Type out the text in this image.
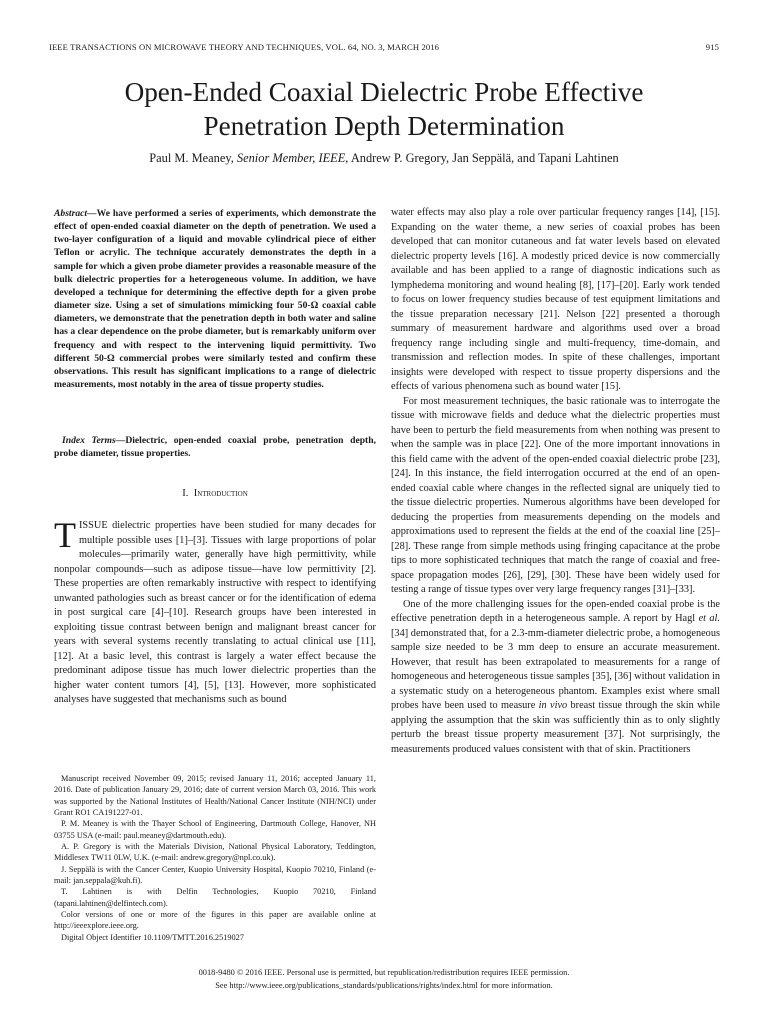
IEEE TRANSACTIONS ON MICROWAVE THEORY AND TECHNIQUES, VOL. 64, NO. 3, MARCH 2016	915
Open-Ended Coaxial Dielectric Probe Effective
Penetration Depth Determination
Paul M. Meaney, Senior Member, IEEE, Andrew P. Gregory, Jan Seppälä, and Tapani Lahtinen
Abstract—We have performed a series of experiments, which demonstrate the effect of open-ended coaxial diameter on the depth of penetration. We used a two-layer configuration of a liquid and movable cylindrical piece of either Teflon or acrylic. The technique accurately demonstrates the depth in a sample for which a given probe diameter provides a reasonable measure of the bulk dielectric properties for a heterogeneous volume. In addition, we have developed a technique for determining the effective depth for a given probe diameter size. Using a set of simulations mimicking four 50-Ω coaxial cable diameters, we demonstrate that the penetration depth in both water and saline has a clear dependence on the probe diameter, but is remarkably uniform over frequency and with respect to the intervening liquid permittivity. Two different 50-Ω commercial probes were similarly tested and confirm these observations. This result has significant implications to a range of dielectric measurements, most notably in the area of tissue property studies.
Index Terms—Dielectric, open-ended coaxial probe, penetration depth, probe diameter, tissue properties.
I. Introduction
TISSUE dielectric properties have been studied for many decades for multiple possible uses [1]–[3]. Tissues with large proportions of polar molecules—primarily water, generally have high permittivity, while nonpolar compounds—such as adipose tissue—have low permittivity [2]. These properties are often remarkably instructive with respect to identifying unwanted pathologies such as breast cancer or for the identification of edema in post surgical care [4]–[10]. Research groups have been interested in exploiting tissue contrast between benign and malignant breast cancer for years with several systems recently translating to actual clinical use [11], [12]. At a basic level, this contrast is largely a water effect because the predominant adipose tissue has much lower dielectric properties than the higher water content tumors [4], [5], [13]. However, more sophisticated analyses have suggested that mechanisms such as bound

Manuscript received November 09, 2015; revised January 11, 2016; accepted January 11, 2016. Date of publication January 29, 2016; date of current version March 03, 2016. This work was supported by the National Institutes of Health/National Cancer Institute (NIH/NCI) under Grant RO1 CA191227-01.

P. M. Meaney is with the Thayer School of Engineering, Dartmouth College, Hanover, NH 03755 USA (e-mail: paul.meaney@dartmouth.edu).

A. P. Gregory is with the Materials Division, National Physical Laboratory, Teddington, Middlesex TW11 0LW, U.K. (e-mail: andrew.gregory@npl.co.uk).

J. Seppälä is with the Cancer Center, Kuopio University Hospital, Kuopio 70210, Finland (e-mail: jan.seppala@kuh.fi).

T. Lahtinen is with Delfin Technologies, Kuopio 70210, Finland (tapani.lahtinen@delfintech.com).

Color versions of one or more of the figures in this paper are available online at http://ieeexplore.ieee.org.

Digital Object Identifier 10.1109/TMTT.2016.2519027

water effects may also play a role over particular frequency ranges [14], [15]. Expanding on the water theme, a new series of coaxial probes has been developed that can monitor cutaneous and fat water levels based on elevated dielectric property levels [16]. A modestly priced device is now commercially available and has been applied to a range of diagnostic indications such as lymphedema monitoring and wound healing [8], [17]–[20]. Early work tended to focus on lower frequency studies because of test equipment limitations and the tissue preparation necessary [21]. Nelson [22] presented a thorough summary of measurement hardware and algorithms used over a broad frequency range including single and multi-frequency, time-domain, and transmission and reflection modes. In spite of these challenges, important insights were developed with respect to tissue property dispersions and the effects of various phenomena such as bound water [15].

For most measurement techniques, the basic rationale was to interrogate the tissue with microwave fields and deduce what the dielectric properties must have been to perturb the field measurements from when nothing was present to when the sample was in place [22]. One of the more important innovations in this field came with the advent of the open-ended coaxial dielectric probe [23], [24]. In this instance, the field interrogation occurred at the end of an open-ended coaxial cable where changes in the reflected signal are uniquely tied to the tissue dielectric properties. Numerous algorithms have been developed for deducing the properties from measurements depending on the models and approximations used to represent the fields at the end of the coaxial line [25]–[28]. These range from simple methods using fringing capacitance at the probe tips to more sophisticated techniques that match the range of coaxial and free-space propagation modes [26], [29], [30]. These have been widely used for testing a range of tissue types over very large frequency ranges [31]–[33].

One of the more challenging issues for the open-ended coaxial probe is the effective penetration depth in a heterogeneous sample. A report by Hagl et al. [34] demonstrated that, for a 2.3-mm-diameter dielectric probe, a homogeneous sample size needed to be 3 mm deep to ensure an accurate measurement. However, that result has been extrapolated to measurements for a range of homogeneous and heterogeneous tissue samples [35], [36] without validation in a systematic study on a heterogeneous phantom. Examples exist where small probes have been used to measure in vivo breast tissue through the skin while applying the assumption that the skin was sufficiently thin as to only slightly perturb the breast tissue property measurement [37]. Not surprisingly, the measurements produced values consistent with that of skin. Practitioners

0018-9480 © 2016 IEEE. Personal use is permitted, but republication/redistribution requires IEEE permission.
See http://www.ieee.org/publications_standards/publications/rights/index.html for more information.
